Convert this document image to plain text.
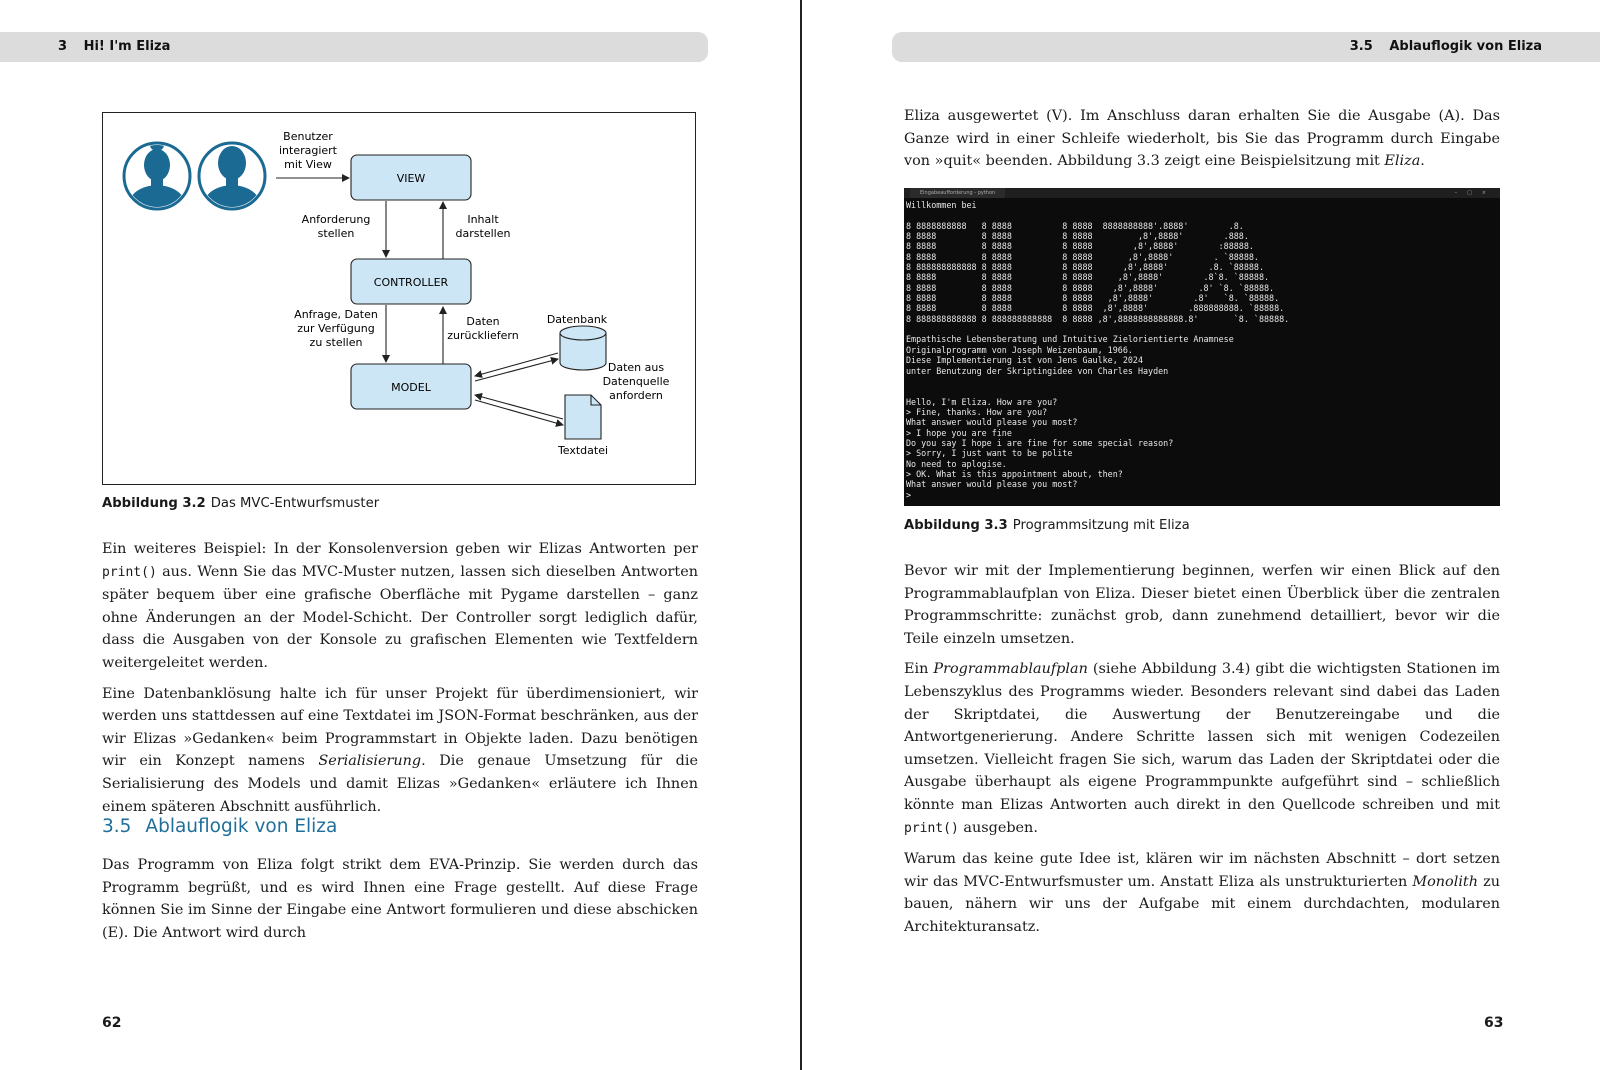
3 Hi! I'm Eliza
VIEW
CONTROLLER
MODEL
Benutzer
interagiert
mit View
Anforderung
stellen
Inhalt
darstellen
Anfrage, Daten
zur Verfügung
zu stellen
Daten
zurückliefern
Datenbank
Daten aus
Datenquelle
anfordern
Textdatei
Abbildung 3.2 Das MVC-Entwurfsmuster

Ein weiteres Beispiel: In der Konsolenversion geben wir Elizas Antworten per print() aus. Wenn Sie das MVC-Muster nutzen, lassen sich dieselben Antworten später bequem über eine grafische Oberfläche mit Pygame darstellen – ganz ohne Änderungen an der Model-Schicht. Der Controller sorgt lediglich dafür, dass die Ausgaben von der Konsole zu grafischen Elementen wie Textfeldern weitergeleitet werden.

Eine Datenbanklösung halte ich für unser Projekt für überdimensioniert, wir werden uns stattdessen auf eine Textdatei im JSON-Format beschränken, aus der wir Elizas »Gedanken« beim Programmstart in Objekte laden. Dazu benötigen wir ein Konzept namens Serialisierung. Die genaue Umsetzung für die Serialisierung des Models und damit Elizas »Gedanken« erläutere ich Ihnen einem späteren Abschnitt ausführlich.

3.5 Ablauflogik von Eliza

Das Programm von Eliza folgt strikt dem EVA-Prinzip. Sie werden durch das Programm begrüßt, und es wird Ihnen eine Frage gestellt. Auf diese Frage können Sie im Sinne der Eingabe eine Antwort formulieren und diese abschicken (E). Die Antwort wird durch

62
3.5 Ablauflogik von Eliza

Eliza ausgewertet (V). Im Anschluss daran erhalten Sie die Ausgabe (A). Das Ganze wird in einer Schleife wiederholt, bis Sie das Programm durch Eingabe von »quit« beenden. Abbildung 3.3 zeigt eine Beispielsitzung mit Eliza.

Eingabeaufforderung - python	–□×
Willkommen bei

8 8888888888   8 8888          8 8888  8888888888'.8888'        .8.
8 8888         8 8888          8 8888         ,8',8888'        .888.
8 8888         8 8888          8 8888        ,8',8888'        :88888.
8 8888         8 8888          8 8888       ,8',8888'        . `88888.
8 888888888888 8 8888          8 8888      ,8',8888'        .8. `88888.
8 8888         8 8888          8 8888     ,8',8888'        .8`8. `88888.
8 8888         8 8888          8 8888    ,8',8888'        .8' `8. `88888.
8 8888         8 8888          8 8888   ,8',8888'        .8'   `8. `88888.
8 8888         8 8888          8 8888  ,8',8888'        .888888888. `88888.
8 888888888888 8 888888888888  8 8888 ,8',8888888888888.8'       `8. `88888.

Empathische Lebensberatung und Intuitive Zielorientierte Anamnese
Originalprogramm von Joseph Weizenbaum, 1966.
Diese Implementierung ist von Jens Gaulke, 2024
unter Benutzung der Skriptingidee von Charles Hayden

Hello, I'm Eliza. How are you?
> Fine, thanks. How are you?
What answer would please you most?
> I hope you are fine
Do you say I hope i are fine for some special reason?
> Sorry, I just want to be polite
No need to aplogise.
> OK. What is this appointment about, then?
What answer would please you most?
>
Abbildung 3.3 Programmsitzung mit Eliza

Bevor wir mit der Implementierung beginnen, werfen wir einen Blick auf den Programmablaufplan von Eliza. Dieser bietet einen Überblick über die zentralen Programmschritte: zunächst grob, dann zunehmend detailliert, bevor wir die Teile einzeln umsetzen.

Ein Programmablaufplan (siehe Abbildung 3.4) gibt die wichtigsten Stationen im Lebenszyklus des Programms wieder. Besonders relevant sind dabei das Laden der Skriptdatei, die Auswertung der Benutzereingabe und die Antwortgenerierung. Andere Schritte lassen sich mit wenigen Codezeilen umsetzen. Vielleicht fragen Sie sich, warum das Laden der Skriptdatei oder die Ausgabe überhaupt als eigene Programmpunkte aufgeführt sind – schließlich könnte man Elizas Antworten auch direkt in den Quellcode schreiben und mit print() ausgeben.

Warum das keine gute Idee ist, klären wir im nächsten Abschnitt – dort setzen wir das MVC-Entwurfsmuster um. Anstatt Eliza als unstrukturierten Monolith zu bauen, nähern wir uns der Aufgabe mit einem durchdachten, modularen Architekturansatz.

63
